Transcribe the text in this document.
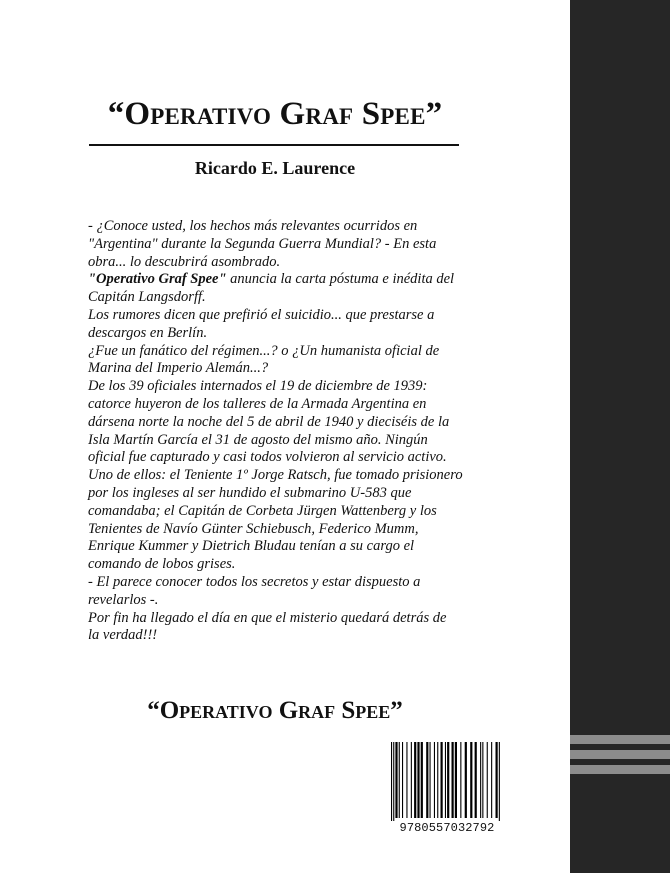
“Operativo Graf Spee”
Ricardo E. Laurence
- ¿Conoce usted, los hechos más relevantes ocurridos en
"Argentina" durante la Segunda Guerra Mundial? - En esta
obra... lo descubrirá asombrado.
"Operativo Graf Spee" anuncia la carta póstuma e inédita del
Capitán Langsdorff.
Los rumores dicen que prefirió el suicidio... que prestarse a
descargos en Berlín.
¿Fue un fanático del régimen...? o ¿Un humanista oficial de
Marina del Imperio Alemán...?
De los 39 oficiales internados el 19 de diciembre de 1939:
catorce huyeron de los talleres de la Armada Argentina en
dársena norte la noche del 5 de abril de 1940 y dieciséis de la
Isla Martín García el 31 de agosto del mismo año. Ningún
oficial fue capturado y casi todos volvieron al servicio activo.
Uno de ellos: el Teniente 1º Jorge Ratsch, fue tomado prisionero
por los ingleses al ser hundido el submarino U-583 que
comandaba; el Capitán de Corbeta Jürgen Wattenberg y los
Tenientes de Navío Günter Schiebusch, Federico Mumm,
Enrique Kummer y Dietrich Bludau tenían a su cargo el
comando de lobos grises.
- El parece conocer todos los secretos y estar dispuesto a
revelarlos -.
Por fin ha llegado el día en que el misterio quedará detrás de
la verdad!!!
“Operativo Graf Spee”
9780557032792
